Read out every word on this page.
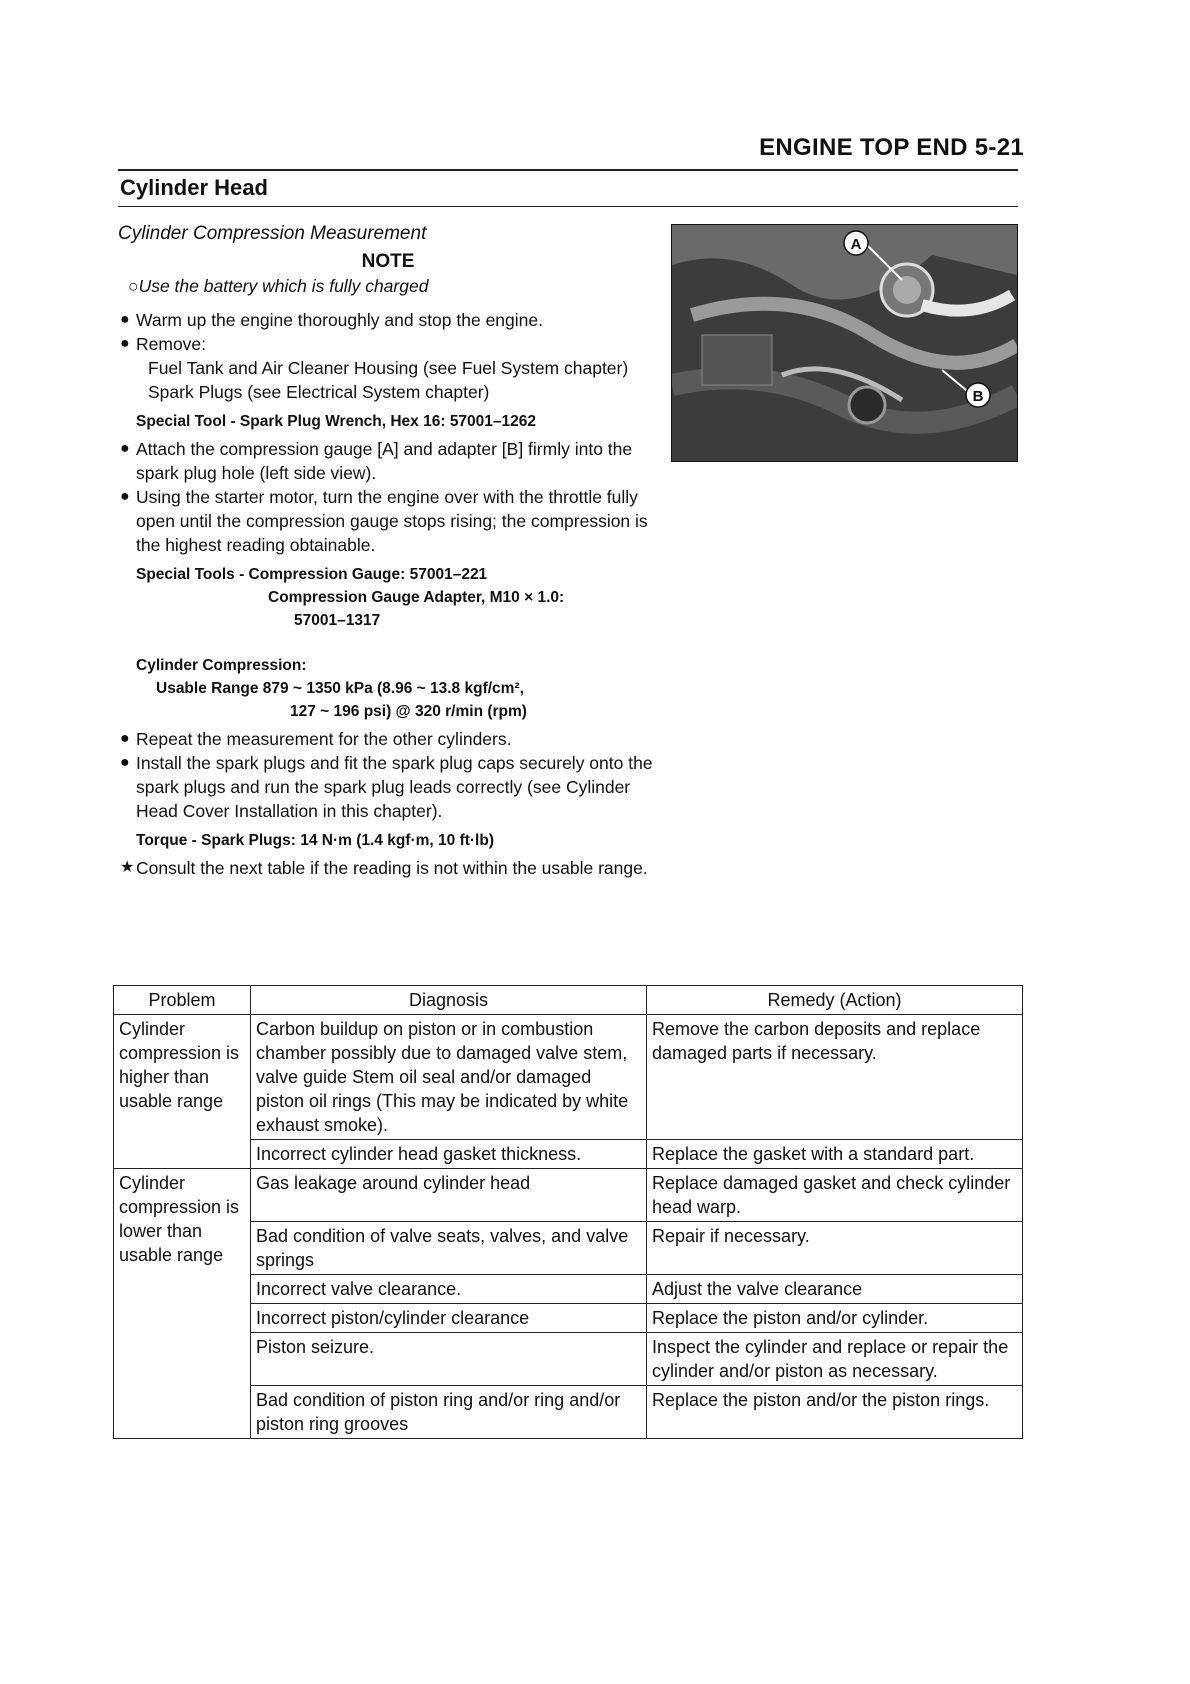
ENGINE TOP END 5-21
Cylinder Head
Cylinder Compression Measurement
NOTE
○Use the battery which is fully charged
● Warm up the engine thoroughly and stop the engine.
● Remove:
Fuel Tank and Air Cleaner Housing (see Fuel System chapter)
Spark Plugs (see Electrical System chapter)
Special Tool - Spark Plug Wrench, Hex 16: 57001–1262
● Attach the compression gauge [A] and adapter [B] firmly into the spark plug hole (left side view).
● Using the starter motor, turn the engine over with the throttle fully open until the compression gauge stops rising; the compression is the highest reading obtainable.
Special Tools - Compression Gauge: 57001–221
Compression Gauge Adapter, M10 × 1.0:
57001–1317
Cylinder Compression:
Usable Range 879 ~ 1350 kPa (8.96 ~ 13.8 kgf/cm²,
127 ~ 196 psi) @ 320 r/min (rpm)
● Repeat the measurement for the other cylinders.
● Install the spark plugs and fit the spark plug caps securely onto the spark plugs and run the spark plug leads correctly (see Cylinder Head Cover Installation in this chapter).
Torque - Spark Plugs: 14 N·m (1.4 kgf·m, 10 ft·lb)
★ Consult the next table if the reading is not within the usable range.
A
B
Problem	Diagnosis	Remedy (Action)
Cylinder compression is higher than usable range	Carbon buildup on piston or in combustion chamber possibly due to damaged valve stem, valve guide Stem oil seal and/or damaged piston oil rings (This may be indicated by white exhaust smoke).	Remove the carbon deposits and replace damaged parts if necessary.
	Incorrect cylinder head gasket thickness.	Replace the gasket with a standard part.
Cylinder compression is lower than usable range	Gas leakage around cylinder head	Replace damaged gasket and check cylinder head warp.
	Bad condition of valve seats, valves, and valve springs	Repair if necessary.
	Incorrect valve clearance.	Adjust the valve clearance
	Incorrect piston/cylinder clearance	Replace the piston and/or cylinder.
	Piston seizure.	Inspect the cylinder and replace or repair the cylinder and/or piston as necessary.
	Bad condition of piston ring and/or ring and/or piston ring grooves	Replace the piston and/or the piston rings.
